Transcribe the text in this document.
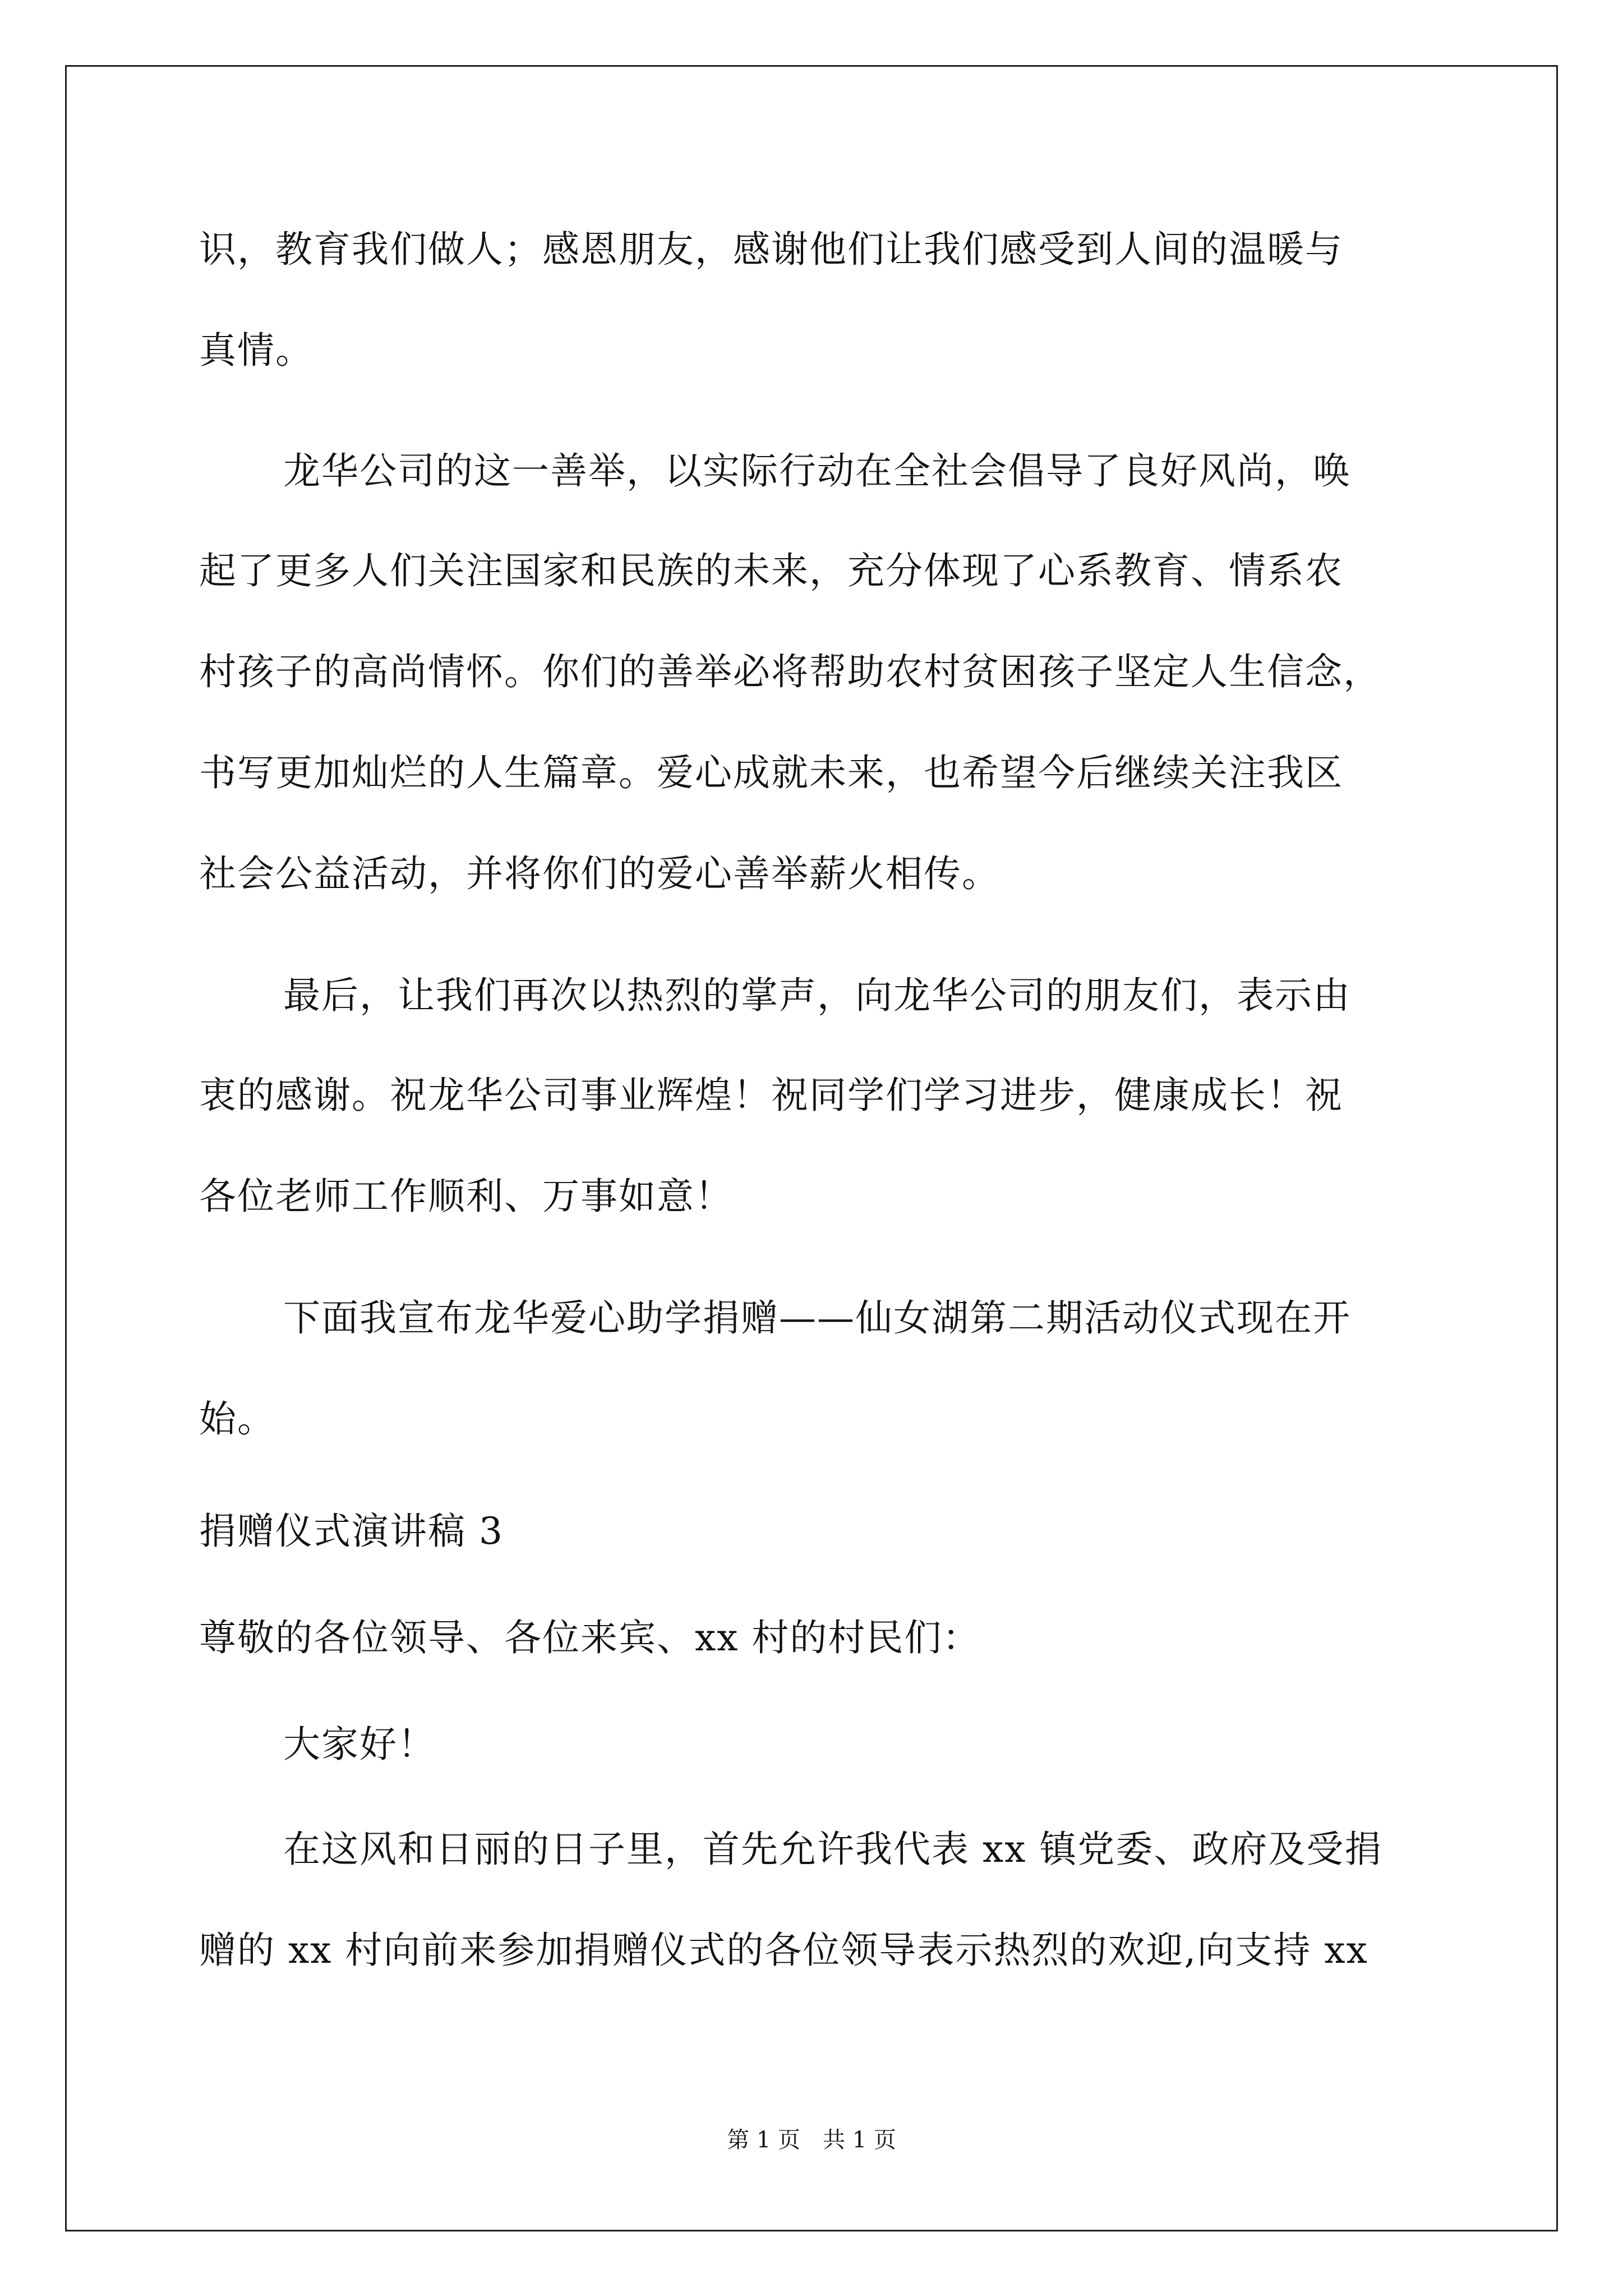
识，教育我们做人；感恩朋友，感谢他们让我们感受到人间的温暖与
真情。
龙华公司的这一善举，以实际行动在全社会倡导了良好风尚，唤
起了更多人们关注国家和民族的未来，充分体现了心系教育、情系农
村孩子的高尚情怀。你们的善举必将帮助农村贫困孩子坚定人生信念，
书写更加灿烂的人生篇章。爱心成就未来，也希望今后继续关注我区
社会公益活动，并将你们的爱心善举薪火相传。
最后，让我们再次以热烈的掌声，向龙华公司的朋友们，表示由
衷的感谢。祝龙华公司事业辉煌！祝同学们学习进步，健康成长！祝
各位老师工作顺利、万事如意！
下面我宣布龙华爱心助学捐赠——仙女湖第二期活动仪式现在开
始。
捐赠仪式演讲稿 3
尊敬的各位领导、各位来宾、xx 村的村民们：
大家好！
在这风和日丽的日子里，首先允许我代表 xx 镇党委、政府及受捐
赠的 xx 村向前来参加捐赠仪式的各位领导表示热烈的欢迎,向支持 xx
第 1 页 共 1 页
